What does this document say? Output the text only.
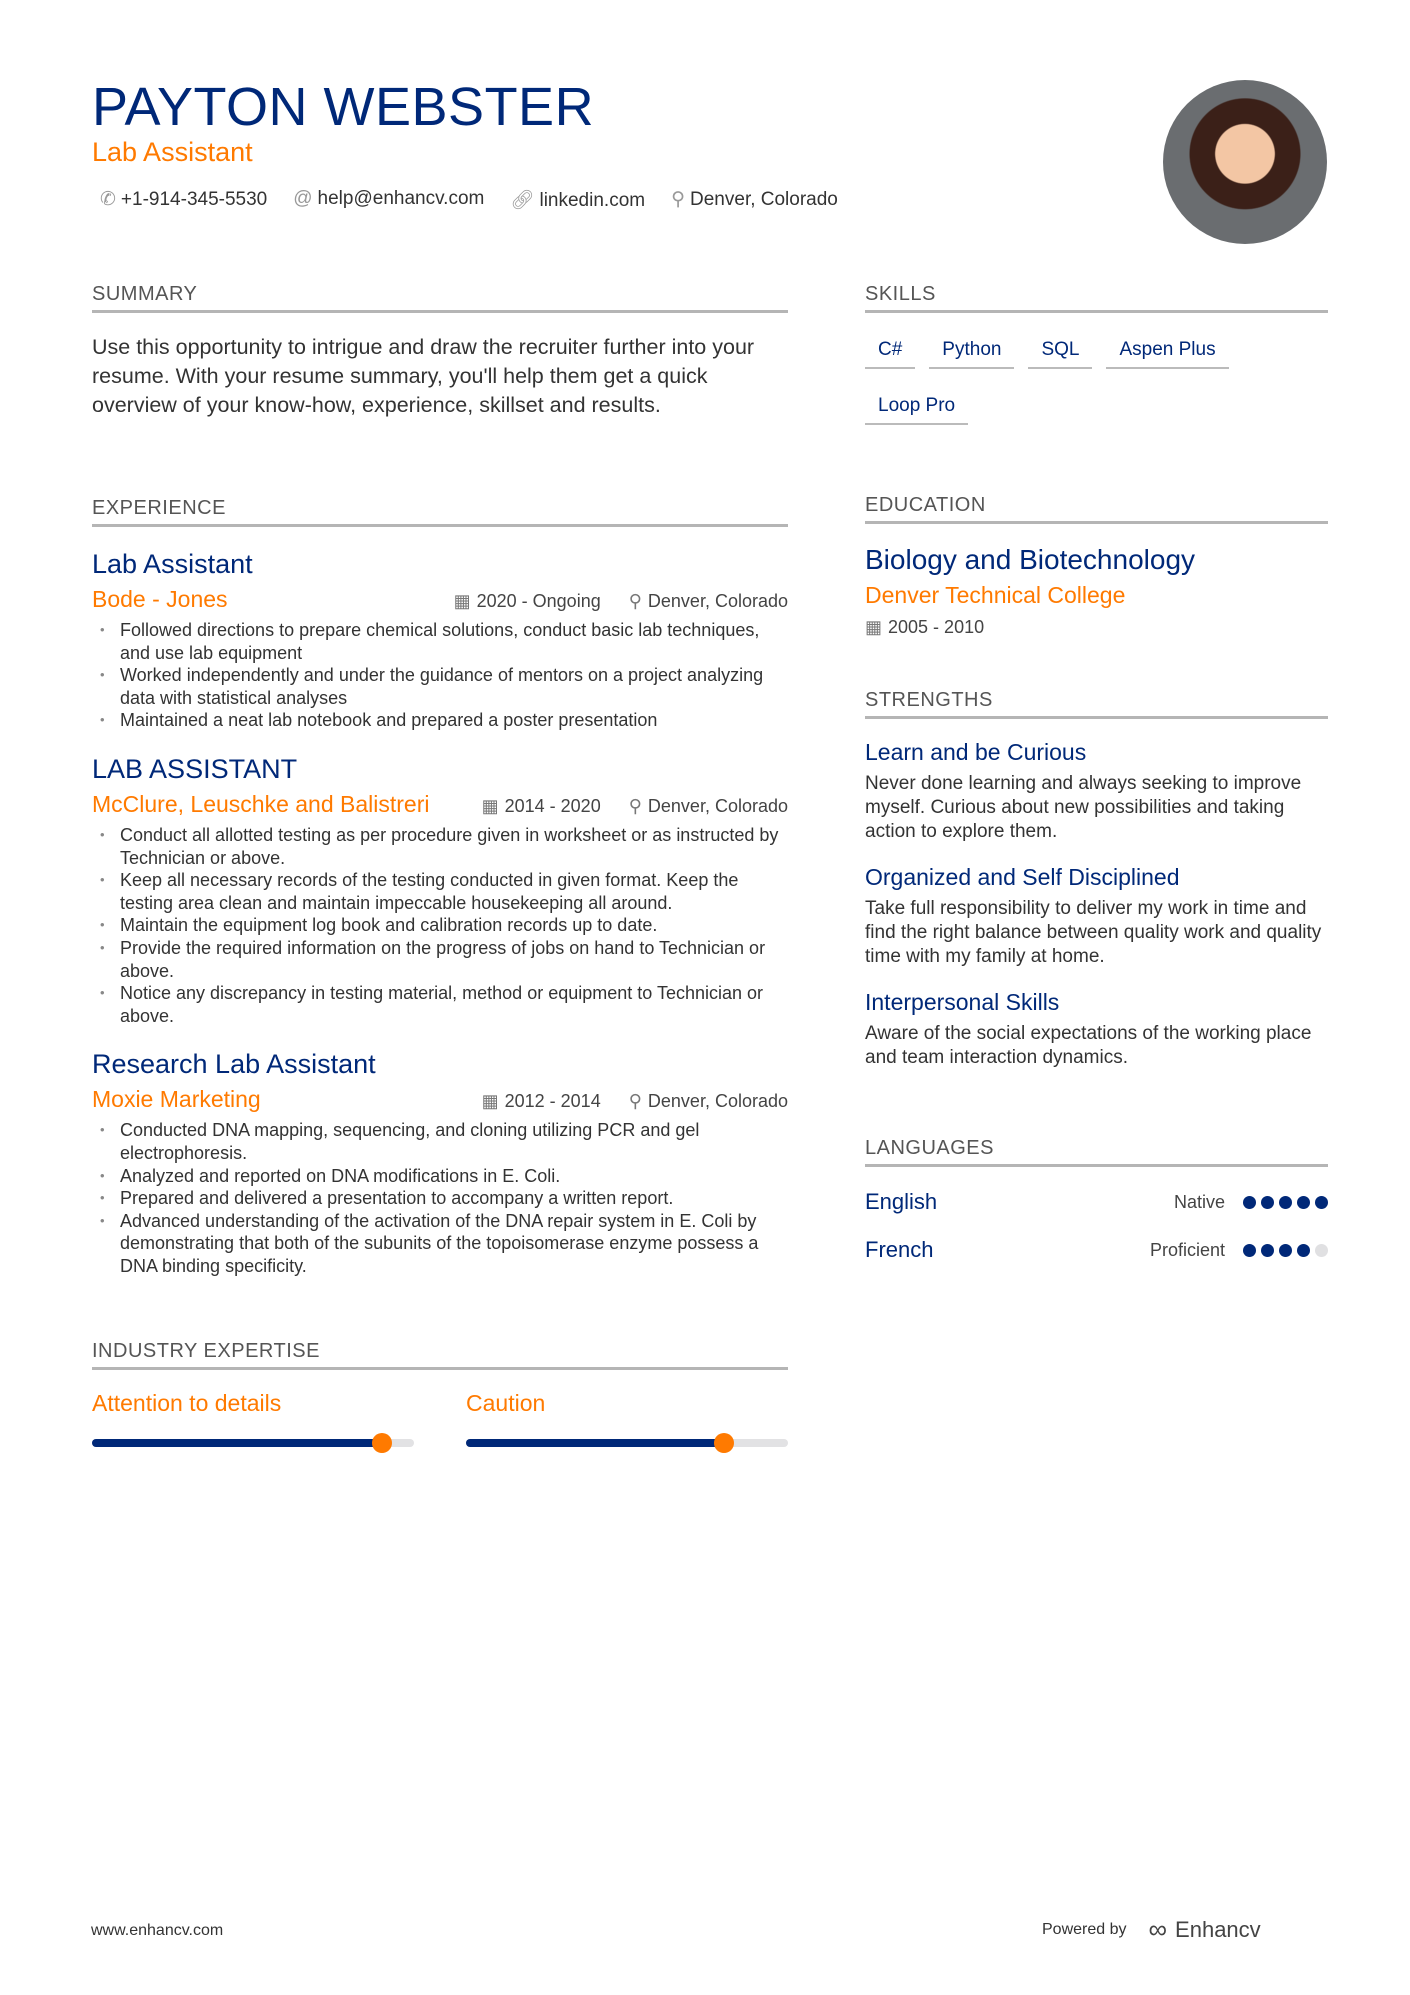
PAYTON WEBSTER
Lab Assistant
✆ +1-914-345-5530 @ help@enhancv.com 🔗︎ linkedin.com ⚲ Denver, Colorado
SUMMARY
Use this opportunity to intrigue and draw the recruiter further into your resume. With your resume summary, you'll help them get a quick overview of your know-how, experience, skillset and results.
EXPERIENCE
Lab Assistant
Bode - Jones	▦ 2020 - Ongoing ⚲ Denver, Colorado
• Followed directions to prepare chemical solutions, conduct basic lab techniques, and use lab equipment
• Worked independently and under the guidance of mentors on a project analyzing data with statistical analyses
• Maintained a neat lab notebook and prepared a poster presentation
LAB ASSISTANT
McClure, Leuschke and Balistreri	▦ 2014 - 2020 ⚲ Denver, Colorado
• Conduct all allotted testing as per procedure given in worksheet or as instructed by Technician or above.
• Keep all necessary records of the testing conducted in given format. Keep the testing area clean and maintain impeccable housekeeping all around.
• Maintain the equipment log book and calibration records up to date.
• Provide the required information on the progress of jobs on hand to Technician or above.
• Notice any discrepancy in testing material, method or equipment to Technician or above.
Research Lab Assistant
Moxie Marketing	▦ 2012 - 2014 ⚲ Denver, Colorado
• Conducted DNA mapping, sequencing, and cloning utilizing PCR and gel electrophoresis.
• Analyzed and reported on DNA modifications in E. Coli.
• Prepared and delivered a presentation to accompany a written report.
• Advanced understanding of the activation of the DNA repair system in E. Coli by demonstrating that both of the subunits of the topoisomerase enzyme possess a DNA binding specificity.
INDUSTRY EXPERTISE
Attention to details	Caution
SKILLS
C#	Python	SQL	Aspen Plus
Loop Pro
EDUCATION
Biology and Biotechnology
Denver Technical College
▦ 2005 - 2010
STRENGTHS
Learn and be Curious
Never done learning and always seeking to improve myself. Curious about new possibilities and taking action to explore them.
Organized and Self Disciplined
Take full responsibility to deliver my work in time and find the right balance between quality work and quality time with my family at home.
Interpersonal Skills
Aware of the social expectations of the working place and team interaction dynamics.
LANGUAGES
English	Native
French	Proficient
www.enhancv.com	Powered by ∞ Enhancv
